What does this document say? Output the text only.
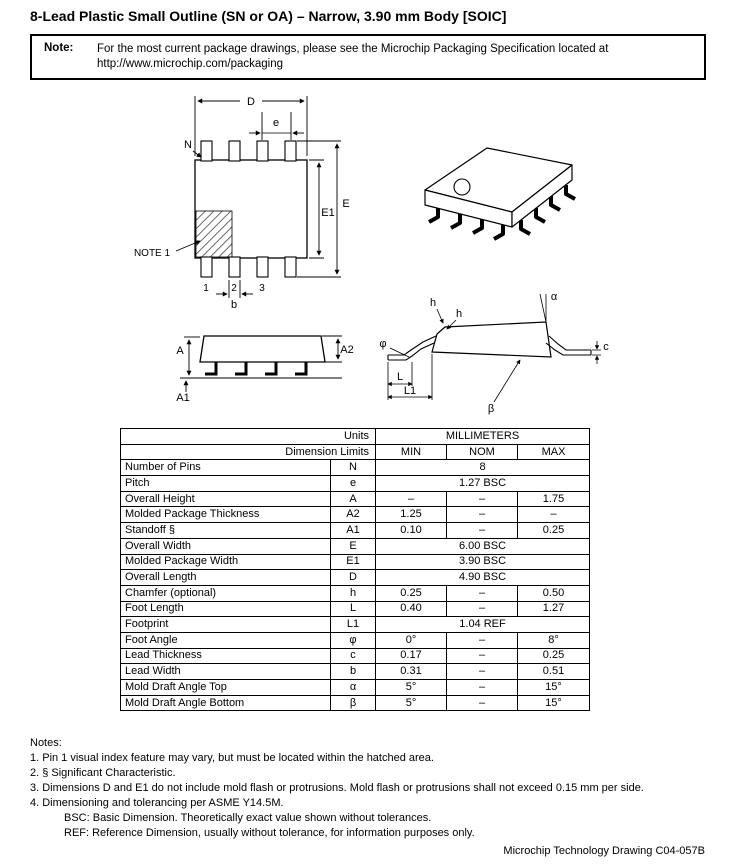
8-Lead Plastic Small Outline (SN or OA) – Narrow, 3.90 mm Body [SOIC]
Note:	For the most current package drawings, please see the Microchip Packaging Specification located at
http://www.microchip.com/packaging
D
e
N
E1
E
b
1 2 3
NOTE 1
A
A1
A2
h
h
α
φ	c
L
L1
β
Units		MILLIMETERS		
Dimension Limits		MIN	NOM	MAX
Number of Pins	N	8		
Pitch	e	1.27 BSC		
Overall Height	A	–	–	1.75
Molded Package Thickness	A2	1.25	–	–
Standoff §	A1	0.10	–	0.25
Overall Width	E	6.00 BSC		
Molded Package Width	E1	3.90 BSC		
Overall Length	D	4.90 BSC		
Chamfer (optional)	h	0.25	–	0.50
Foot Length	L	0.40	–	1.27
Footprint	L1	1.04 REF		
Foot Angle	φ	0°	–	8°
Lead Thickness	c	0.17	–	0.25
Lead Width	b	0.31	–	0.51
Mold Draft Angle Top	α	5°	–	15°
Mold Draft Angle Bottom	β	5°	–	15°
Notes:
1. Pin 1 visual index feature may vary, but must be located within the hatched area.
2. § Significant Characteristic.
3. Dimensions D and E1 do not include mold flash or protrusions. Mold flash or protrusions shall not exceed 0.15 mm per side.
4. Dimensioning and tolerancing per ASME Y14.5M.
BSC: Basic Dimension. Theoretically exact value shown without tolerances.
REF: Reference Dimension, usually without tolerance, for information purposes only.
Microchip Technology Drawing C04-057B
